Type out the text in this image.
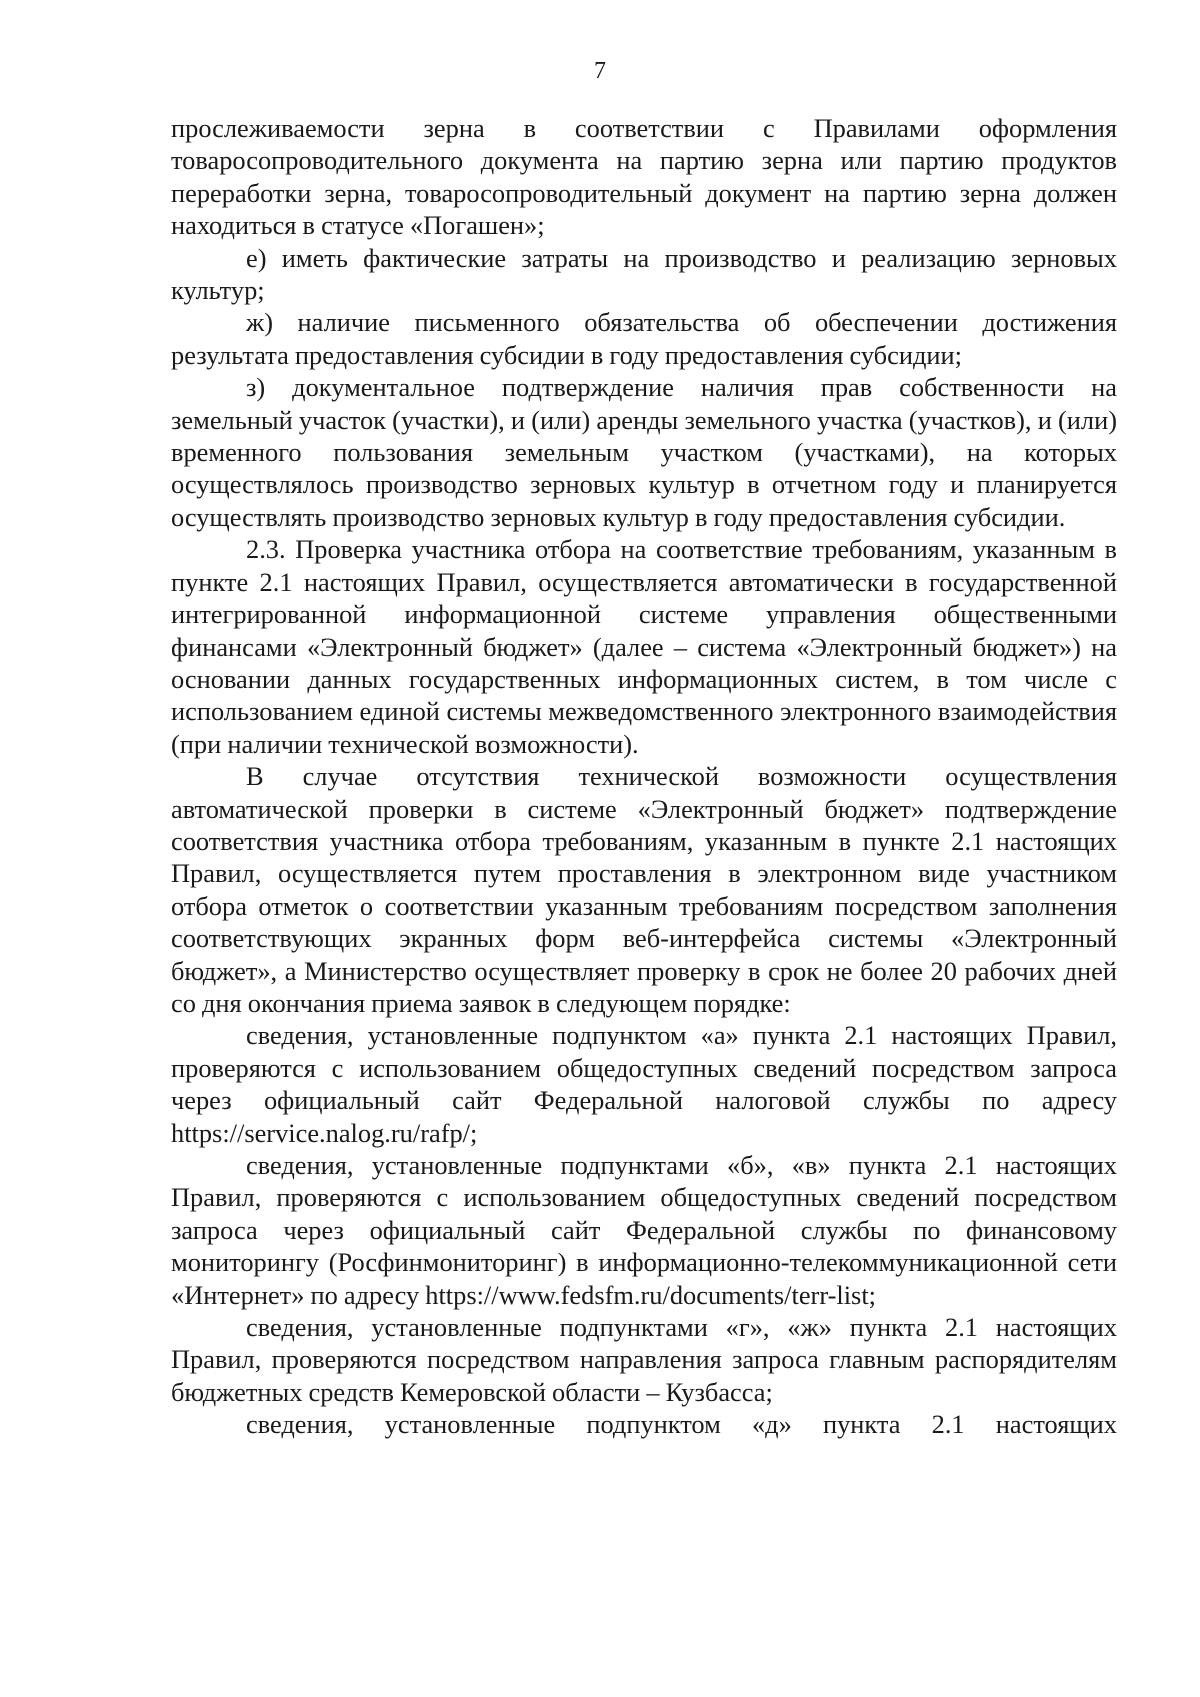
7

прослеживаемости зерна в соответствии с Правилами оформления товаросопроводительного документа на партию зерна или партию продуктов переработки зерна, товаросопроводительный документ на партию зерна должен находиться в статусе «Погашен»;

е) иметь фактические затраты на производство и реализацию зерновых культур;

ж) наличие письменного обязательства об обеспечении достижения результата предоставления субсидии в году предоставления субсидии;

з) документальное подтверждение наличия прав собственности на земельный участок (участки), и (или) аренды земельного участка (участков), и (или) временного пользования земельным участком (участками), на которых осуществлялось производство зерновых культур в отчетном году и планируется осуществлять производство зерновых культур в году предоставления субсидии.

2.3. Проверка участника отбора на соответствие требованиям, указанным в пункте 2.1 настоящих Правил, осуществляется автоматически в государственной интегрированной информационной системе управления общественными финансами «Электронный бюджет» (далее – система «Электронный бюджет») на основании данных государственных информационных систем, в том числе с использованием единой системы межведомственного электронного взаимодействия (при наличии технической возможности).

В случае отсутствия технической возможности осуществления автоматической проверки в системе «Электронный бюджет» подтверждение соответствия участника отбора требованиям, указанным в пункте 2.1 настоящих Правил, осуществляется путем проставления в электронном виде участником отбора отметок о соответствии указанным требованиям посредством заполнения соответствующих экранных форм веб-интерфейса системы «Электронный бюджет», а Министерство осуществляет проверку в срок не более 20 рабочих дней со дня окончания приема заявок в следующем порядке:

сведения, установленные подпунктом «а» пункта 2.1 настоящих Правил, проверяются с использованием общедоступных сведений посредством запроса через официальный сайт Федеральной налоговой службы по адресу https://service.nalog.ru/rafp/;

сведения, установленные подпунктами «б», «в» пункта 2.1 настоящих Правил, проверяются с использованием общедоступных сведений посредством запроса через официальный сайт Федеральной службы по финансовому мониторингу (Росфинмониторинг) в информационно-телекоммуникационной сети «Интернет» по адресу https://www.fedsfm.ru/documents/terr-list;

сведения, установленные подпунктами «г», «ж» пункта 2.1 настоящих Правил, проверяются посредством направления запроса главным распорядителям бюджетных средств Кемеровской области – Кузбасса;

сведения, установленные подпунктом «д» пункта 2.1 настоящих
